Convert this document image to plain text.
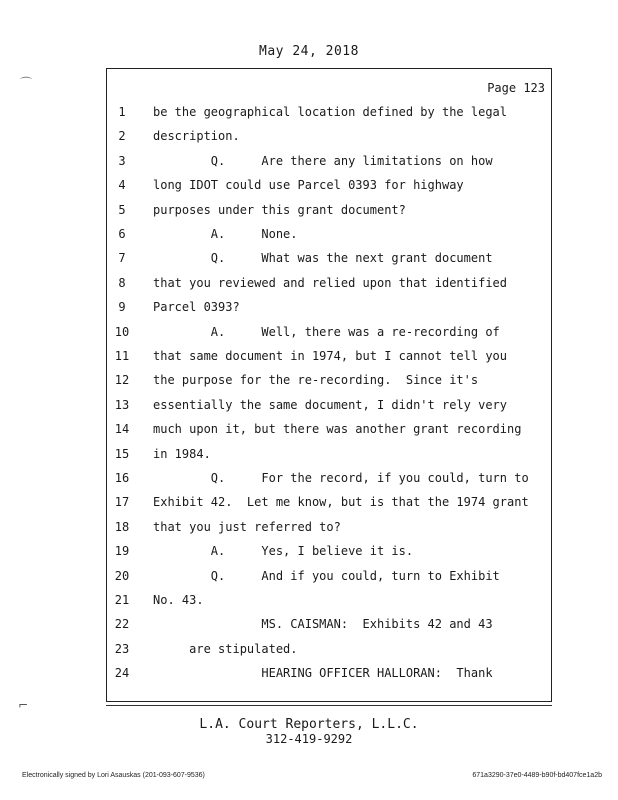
May 24, 2018
Page 123
1	be the geographical location defined by the legal
2	description.
3	Q.     Are there any limitations on how
4	long IDOT could use Parcel 0393 for highway
5	purposes under this grant document?
6	A.     None.
7	Q.     What was the next grant document
8	that you reviewed and relied upon that identified
9	Parcel 0393?
10	A.     Well, there was a re-recording of
11	that same document in 1974, but I cannot tell you
12	the purpose for the re-recording.  Since it's
13	essentially the same document, I didn't rely very
14	much upon it, but there was another grant recording
15	in 1984.
16	Q.     For the record, if you could, turn to
17	Exhibit 42.  Let me know, but is that the 1974 grant
18	that you just referred to?
19	A.     Yes, I believe it is.
20	Q.     And if you could, turn to Exhibit
21	No. 43.
22	MS. CAISMAN:  Exhibits 42 and 43
23	are stipulated.
24	HEARING OFFICER HALLORAN:  Thank
⌒
⌐
L.A. Court Reporters, L.L.C.
312-419-9292
Electronically signed by Lori Asauskas (201-093-607-9536)	671a3290-37e0-4489-b90f-bd407fce1a2b
